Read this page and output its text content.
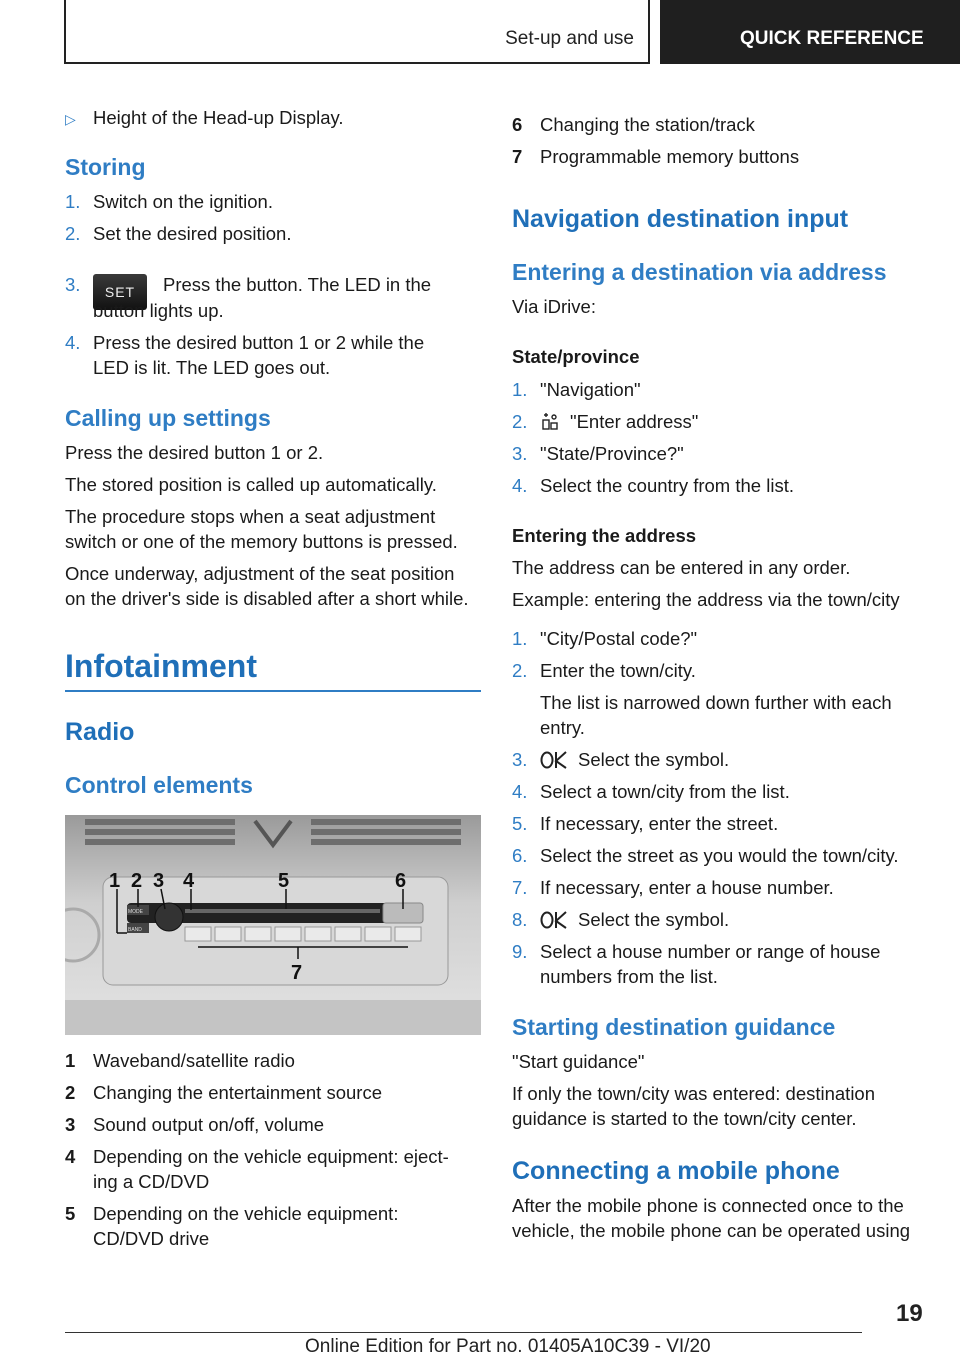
Set-up and use	QUICK REFERENCE
▷ Height of the Head-up Display.
Storing
1. Switch on the ignition.
2. Set the desired position.
3. SET Press the button. The LED in the
button lights up.
4. Press the desired button 1 or 2 while the
LED is lit. The LED goes out.
Calling up settings
Press the desired button 1 or 2.
The stored position is called up automatically.
The procedure stops when a seat adjustment
switch or one of the memory buttons is pressed.
Once underway, adjustment of the seat position
on the driver's side is disabled after a short while.
Infotainment
Radio
Control elements
MODE
BAND
1 2 3 4	5	6
7
1 Waveband/satellite radio
2 Changing the entertainment source
3 Sound output on/off, volume
4 Depending on the vehicle equipment: eject-
ing a CD/DVD
5 Depending on the vehicle equipment:
CD/DVD drive
6 Changing the station/track
7 Programmable memory buttons
Navigation destination input
Entering a destination via address
Via iDrive:
State/province
1. "Navigation"
2. "Enter address"
3. "State/Province?"
4. Select the country from the list.
Entering the address
The address can be entered in any order.
Example: entering the address via the town/city
1. "City/Postal code?"
2. Enter the town/city.
The list is narrowed down further with each
entry.
3.	Select the symbol.
4. Select a town/city from the list.
5. If necessary, enter the street.
6. Select the street as you would the town/city.
7. If necessary, enter a house number.
8.	Select the symbol.
9. Select a house number or range of house
numbers from the list.
Starting destination guidance
"Start guidance"
If only the town/city was entered: destination
guidance is started to the town/city center.
Connecting a mobile phone
After the mobile phone is connected once to the
vehicle, the mobile phone can be operated using
19
Online Edition for Part no. 01405A10C39 - VI/20
